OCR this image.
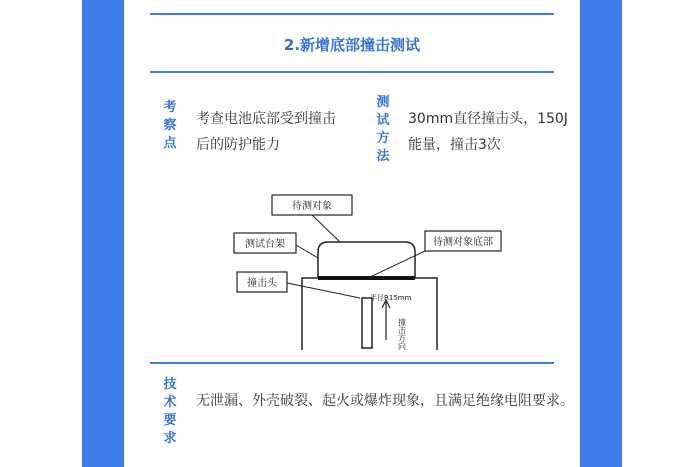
2.新增底部撞击测试
考察点
考查电池底部受到撞击后的防护能力
测试方法
30mm直径撞击头，150J能量，撞击3次
待测对象
测试台架	待测对象底部
撞击头
半径R15mm
撞击方向
技术要求
无泄漏、外壳破裂、起火或爆炸现象，且满足绝缘电阻要求。
